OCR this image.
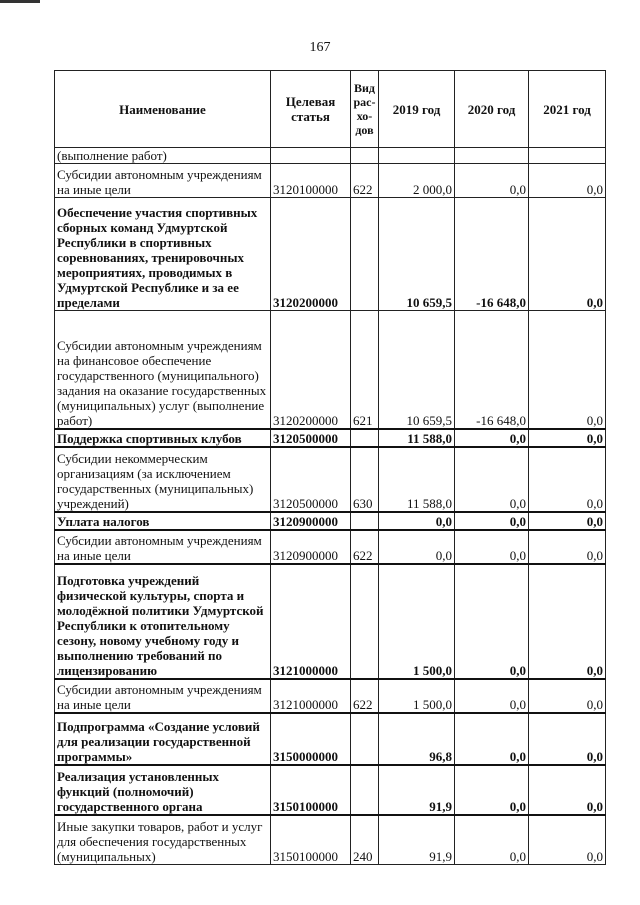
167
Наименование	Целевая статья	Вид рас-хо-дов	2019 год	2020 год	2021 год
(выполнение работ)					
Субсидии автономным учреждениям на иные цели	3120100000	622	2 000,0	0,0	0,0
Обеспечение участия спортивных сборных команд Удмуртской Республики в спортивных соревнованиях, тренировочных мероприятиях, проводимых в Удмуртской Республике и за ее пределами	3120200000		10 659,5	-16 648,0	0,0
Субсидии автономным учреждениям на финансовое обеспечение государственного (муниципального) задания на оказание государственных (муниципальных) услуг (выполнение работ)	3120200000	621	10 659,5	-16 648,0	0,0
Поддержка спортивных клубов	3120500000		11 588,0	0,0	0,0
Субсидии некоммерческим организациям (за исключением государственных (муниципальных) учреждений)	3120500000	630	11 588,0	0,0	0,0
Уплата налогов	3120900000		0,0	0,0	0,0
Субсидии автономным учреждениям на иные цели	3120900000	622	0,0	0,0	0,0
Подготовка учреждений физической культуры, спорта и молодёжной политики Удмуртской Республики к отопительному сезону, новому учебному году и выполнению требований по лицензированию	3121000000		1 500,0	0,0	0,0
Субсидии автономным учреждениям на иные цели	3121000000	622	1 500,0	0,0	0,0
Подпрограмма «Создание условий для реализации государственной программы»	3150000000		96,8	0,0	0,0
Реализация установленных функций (полномочий) государственного органа	3150100000		91,9	0,0	0,0
Иные закупки товаров, работ и услуг для обеспечения государственных (муниципальных)	3150100000	240	91,9	0,0	0,0
